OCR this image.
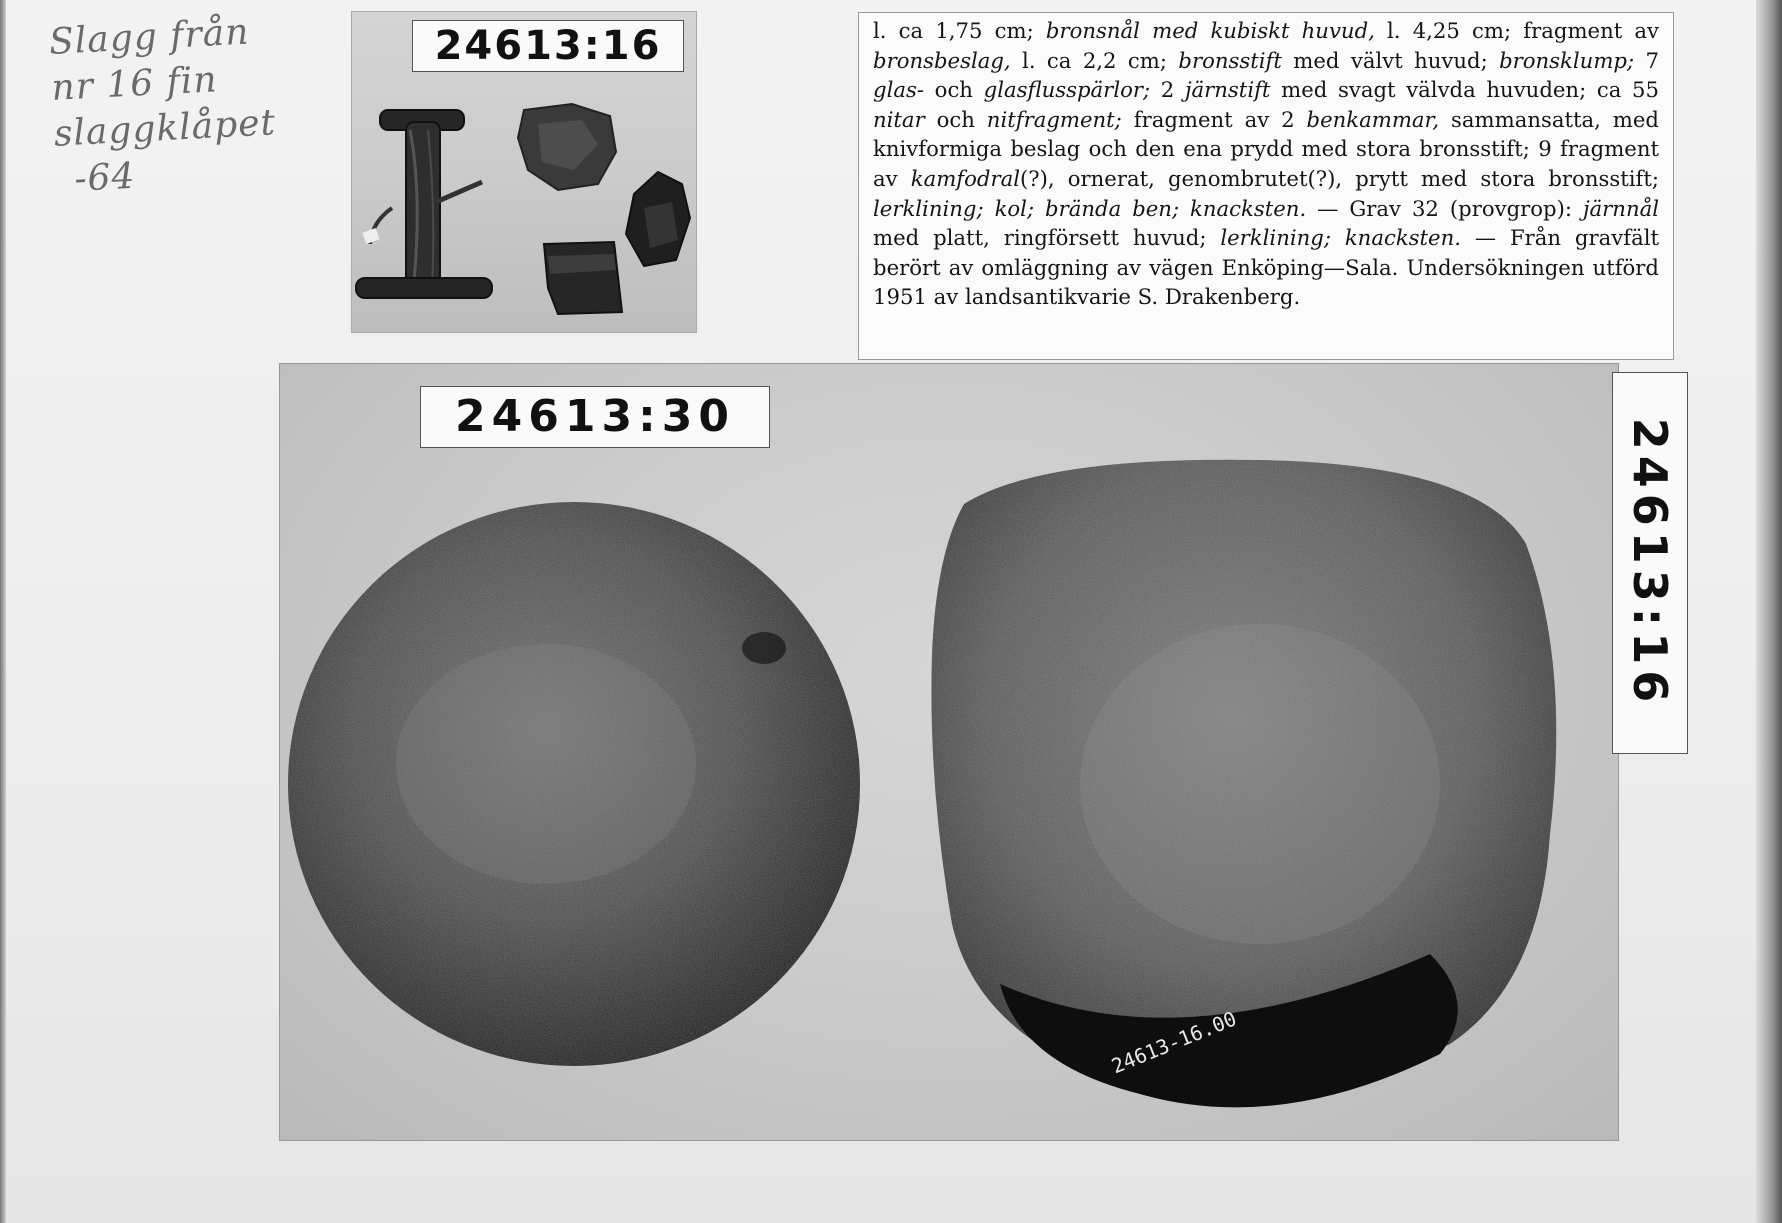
Slagg från
nr 16 fin
slaggklåpet
-64
24613:16	l. ca 1,75 cm; bronsnål med kubiskt huvud, l. 4,25 cm; fragment av bronsbeslag, l. ca 2,2 cm; bronsstift med välvt huvud; bronsklump; 7 glas- och glasflusspärlor; 2 järnstift med svagt välvda huvuden; ca 55 nitar och nitfragment; fragment av 2 benkammar, sammansatta, med knivformiga beslag och den ena prydd med stora bronsstift; 9 fragment av kamfodral(?), ornerat, genombrutet(?), prytt med stora bronsstift; lerklining; kol; brända ben; knacksten. — Grav 32 (provgrop): järnnål med platt, ringförsett huvud; lerklining; knacksten. — Från gravfält berört av omläggning av vägen Enköping—Sala. Undersökningen utförd 1951 av landsantikvarie S. Drakenberg.

24613:30
24613-16.00
24613:16
